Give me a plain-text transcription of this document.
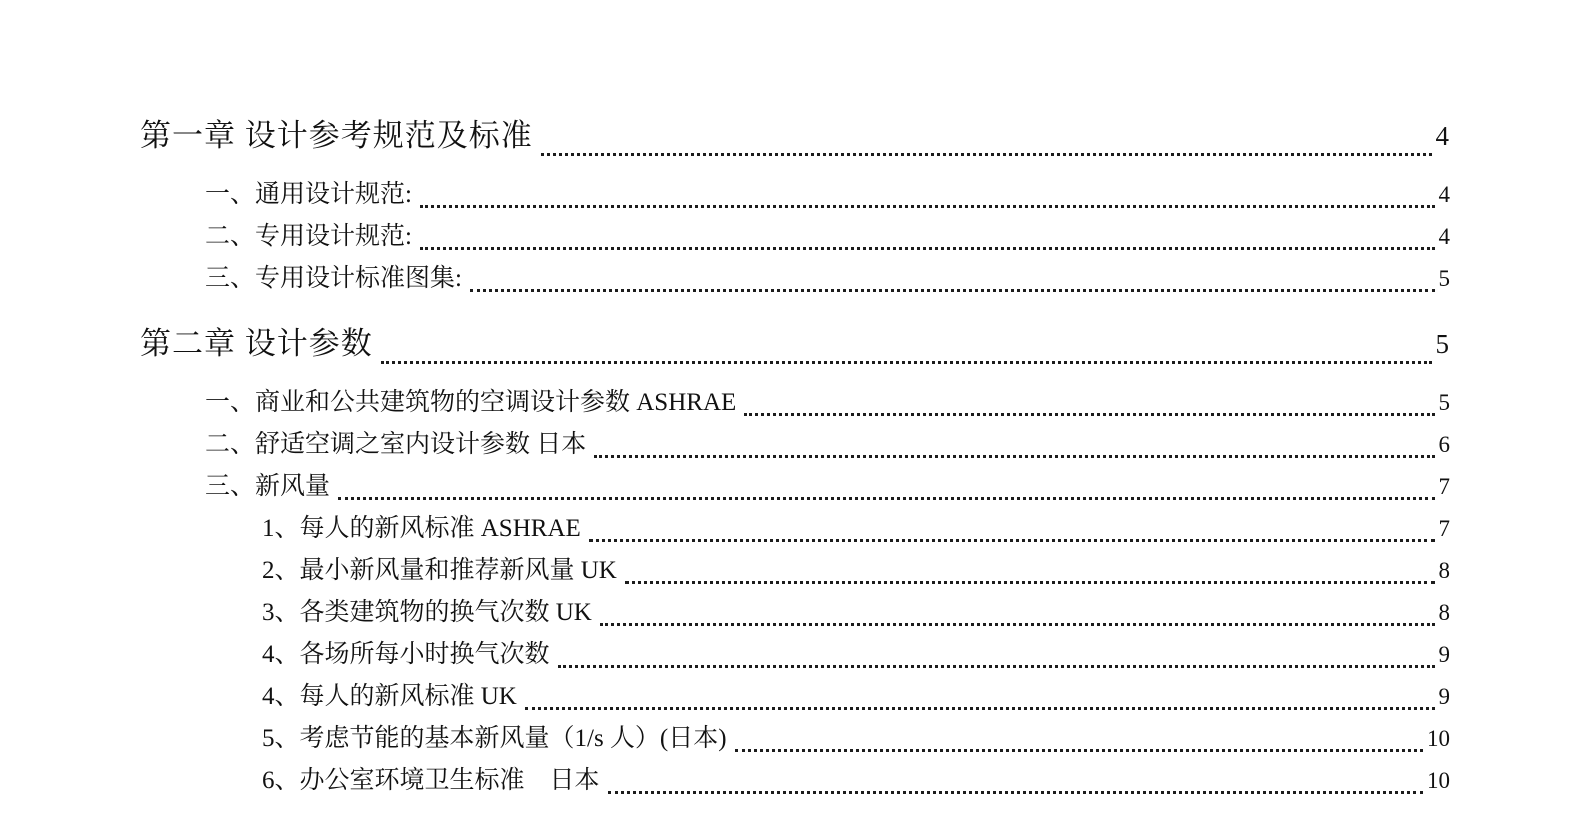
第一章 设计参考规范及标准	4
一、通用设计规范:	4
二、专用设计规范:	4
三、专用设计标准图集:	5
第二章 设计参数	5
一、商业和公共建筑物的空调设计参数 ASHRAE	5
二、舒适空调之室内设计参数 日本	6
三、新风量	7
1、每人的新风标准 ASHRAE	7
2、最小新风量和推荐新风量 UK	8
3、各类建筑物的换气次数 UK	8
4、各场所每小时换气次数	9
4、每人的新风标准 UK	9
5、考虑节能的基本新风量（1/s 人）(日本)	10
6、办公室环境卫生标准　日本	10
